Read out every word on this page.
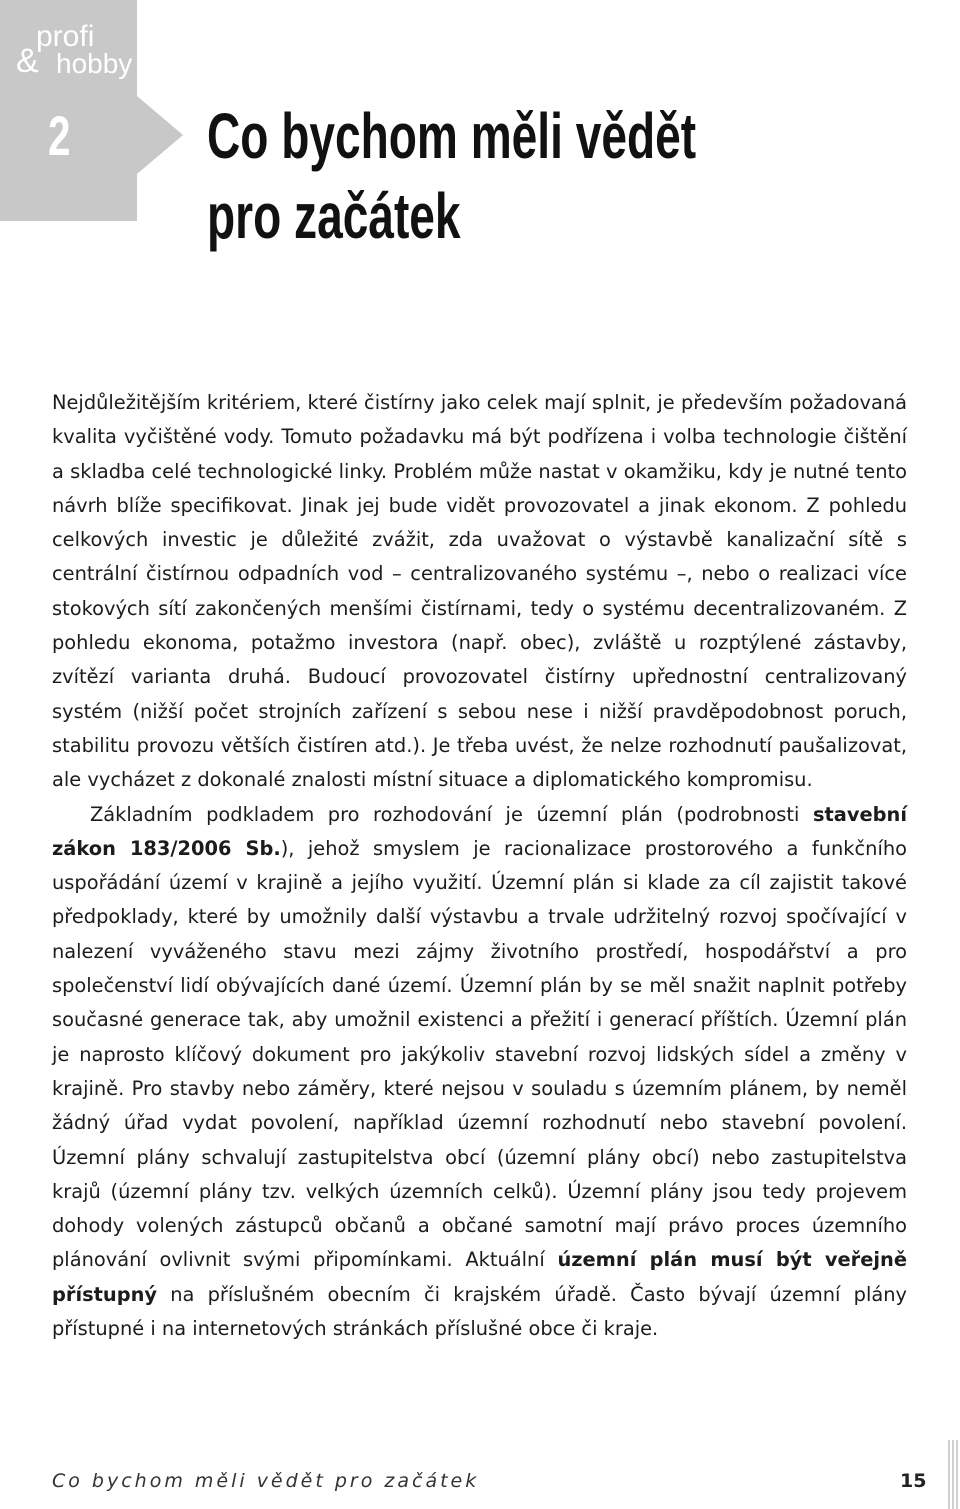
&
profi
hobby
2 Co bychom měli vědět
pro začátek

Nejdůležitějším kritériem, které čistírny jako celek mají splnit, je především požadovaná kvalita vyčištěné vody. Tomuto požadavku má být podřízena i volba technologie čištění a skladba celé technologické linky. Problém může nastat v okamžiku, kdy je nutné tento návrh blíže specifikovat. Jinak jej bude vidět provozovatel a jinak ekonom. Z pohledu celkových investic je důležité zvážit, zda uvažovat o výstavbě kanalizační sítě s centrální čistírnou odpadních vod – centralizovaného systému –, nebo o realizaci více stokových sítí zakončených menšími čistírnami, tedy o systému decentralizovaném. Z pohledu ekonoma, potažmo investora (např. obec), zvláště u rozptýlené zástavby, zvítězí varianta druhá. Budoucí provozovatel čistírny upřednostní centralizovaný systém (nižší počet strojních zařízení s sebou nese i nižší pravděpodobnost poruch, stabilitu provozu větších čistíren atd.). Je třeba uvést, že nelze rozhodnutí paušalizovat, ale vycházet z dokonalé znalosti místní situace a diplomatického kompromisu.

Základním podkladem pro rozhodování je územní plán (podrobnosti stavební zákon 183/2006 Sb.), jehož smyslem je racionalizace prostorového a funkčního uspořádání území v krajině a jejího využití. Územní plán si klade za cíl zajistit takové předpoklady, které by umožnily další výstavbu a trvale udržitelný rozvoj spočívající v nalezení vyváženého stavu mezi zájmy životního prostředí, hospodářství a pro společenství lidí obývajících dané území. Územní plán by se měl snažit naplnit potřeby současné generace tak, aby umožnil existenci a přežití i generací příštích. Územní plán je naprosto klíčový dokument pro jakýkoliv stavební rozvoj lidských sídel a změny v krajině. Pro stavby nebo záměry, které nejsou v souladu s územním plánem, by neměl žádný úřad vydat povolení, například územní rozhodnutí nebo stavební povolení. Územní plány schvalují zastupitelstva obcí (územní plány obcí) nebo zastupitelstva krajů (územní plány tzv. velkých územních celků). Územní plány jsou tedy projevem dohody volených zástupců občanů a občané samotní mají právo proces územního plánování ovlivnit svými připomínkami. Aktuální územní plán musí být veřejně přístupný na příslušném obecním či krajském úřadě. Často bývají územní plány přístupné i na internetových stránkách příslušné obce či kraje.

Co bychom měli vědět pro začátek	15
